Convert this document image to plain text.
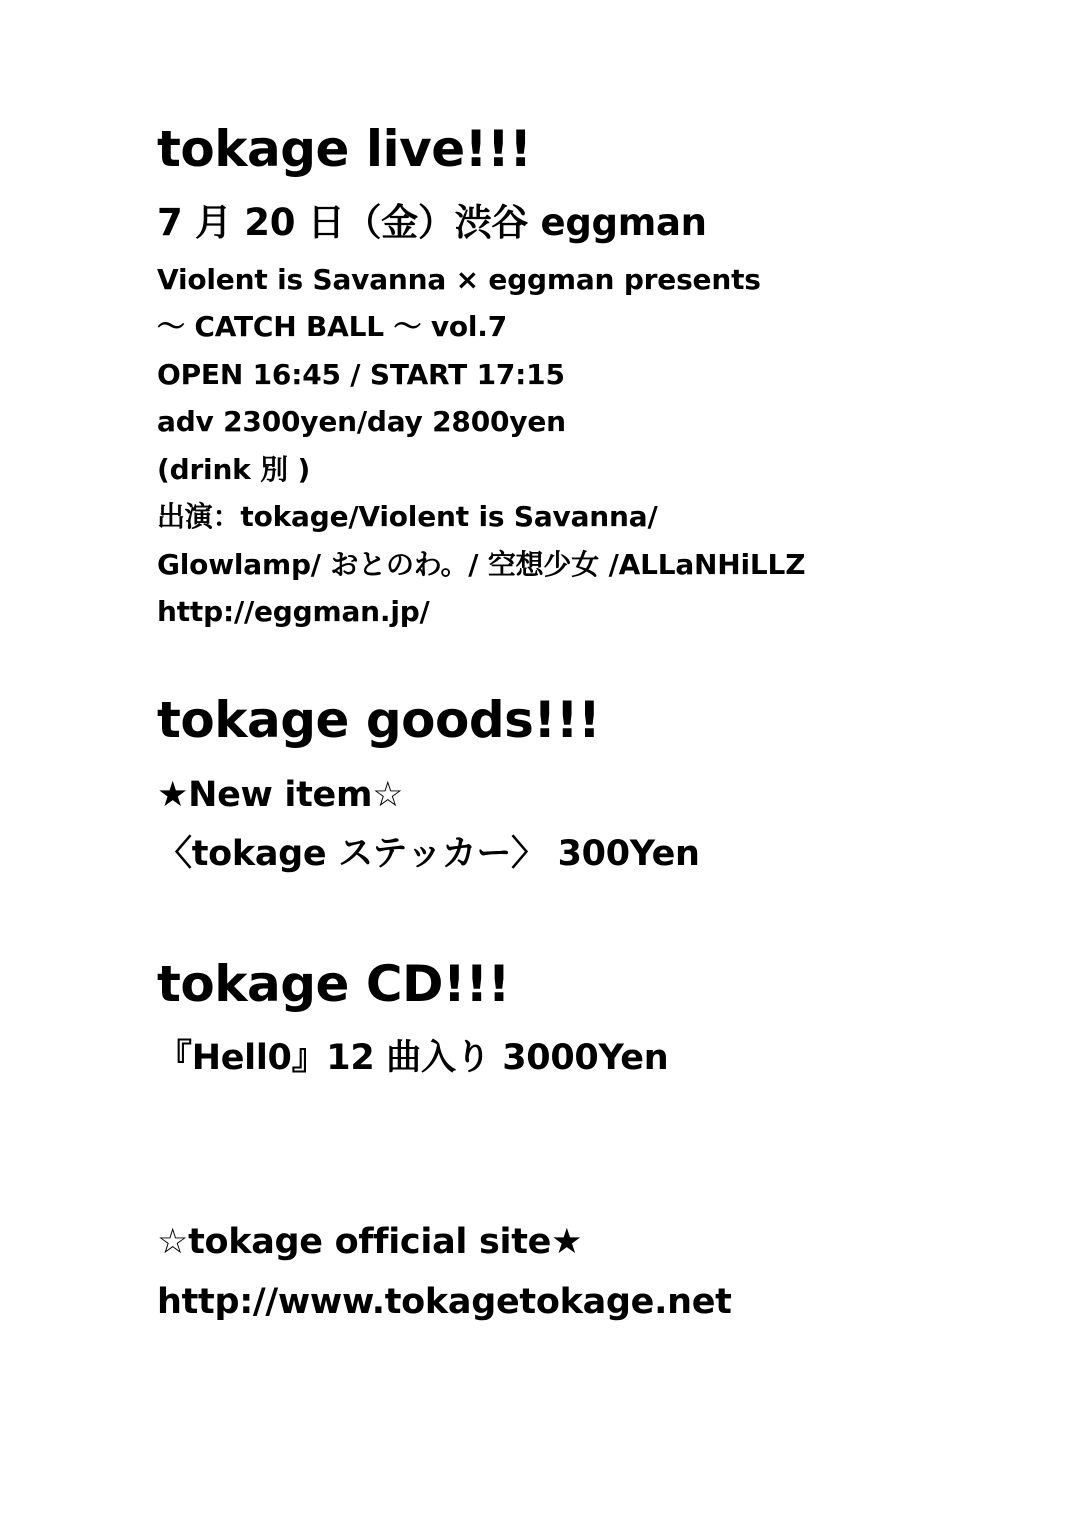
tokage live!!!
7 月 20 日（金）渋谷 eggman
Violent is Savanna × eggman presents
～ CATCH BALL ～ vol.7
OPEN 16:45 / START 17:15
adv 2300yen/day 2800yen
(drink 別 )
出演：tokage/Violent is Savanna/
Glowlamp/ おとのわ。/ 空想少女 /ALLaNHiLLZ
http://eggman.jp/
tokage goods!!!
★New item☆
〈tokage ステッカー〉 300Yen
tokage CD!!!
『Hell0』12 曲入り 3000Yen
☆tokage official site★
http://www.tokagetokage.net
